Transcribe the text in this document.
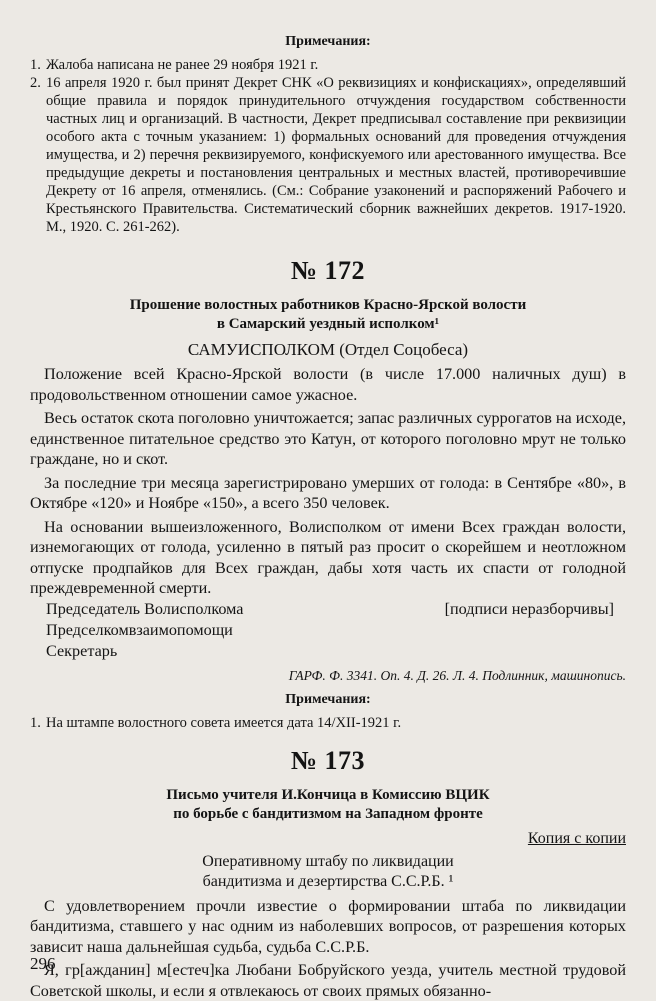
Примечания:
1. Жалоба написана не ранее 29 ноября 1921 г.
2. 16 апреля 1920 г. был принят Декрет СНК «О реквизициях и конфискациях», определявший общие правила и порядок принудительного отчуждения государством собственности частных лиц и организаций. В частности, Декрет предписывал составление при реквизиции особого акта с точным указанием: 1) формальных оснований для проведения отчуждения имущества, и 2) перечня реквизируемого, конфискуемого или арестованного имущества. Все предыдущие декреты и постановления центральных и местных властей, противоречившие Декрету от 16 апреля, отменялись. (См.: Собрание узаконений и распоряжений Рабочего и Крестьянского Правительства. Систематический сборник важнейших декретов. 1917-1920. М., 1920. С. 261-262).
№ 172
Прошение волостных работников Красно-Ярской волости
в Самарский уездный исполком¹
САМУИСПОЛКОМ (Отдел Соцобеса)

Положение всей Красно-Ярской волости (в числе 17.000 наличных душ) в продовольственном отношении самое ужасное.

Весь остаток скота поголовно уничтожается; запас различных суррогатов на исходе, единственное питательное средство это Катун, от которого поголовно мрут не только граждане, но и скот.

За последние три месяца зарегистрировано умерших от голода: в Сентябре «80», в Октябре «120» и Ноябре «150», а всего 350 человек.

На основании вышеизложенного, Волисполком от имени Всех граждан волости, изнемогающих от голода, усиленно в пятый раз просит о скорейшем и неотложном отпуске продпайков для Всех граждан, дабы хотя часть их спасти от голодной преждевременной смерти.

Председатель Волисполкома	[подписи неразборчивы]
Предселкомвзаимопомощи
Секретарь
ГАРФ. Ф. 3341. Оп. 4. Д. 26. Л. 4. Подлинник, машинопись.
Примечания:
1. На штампе волостного совета имеется дата 14/XII-1921 г.
№ 173
Письмо учителя И.Кончица в Комиссию ВЦИК
по борьбе с бандитизмом на Западном фронте
Копия с копии
Оперативному штабу по ликвидации
бандитизма и дезертирства С.С.Р.Б. ¹

С удовлетворением прочли известие о формировании штаба по ликвидации бандитизма, ставшего у нас одним из наболевших вопросов, от разрешения которых зависит наша дальнейшая судьба, судьба С.С.Р.Б.

Я, гр[ажданин] м[естеч]ка Любани Бобруйского уезда, учитель местной трудовой Советской школы, и если я отвлекаюсь от своих прямых обязанно-

296
